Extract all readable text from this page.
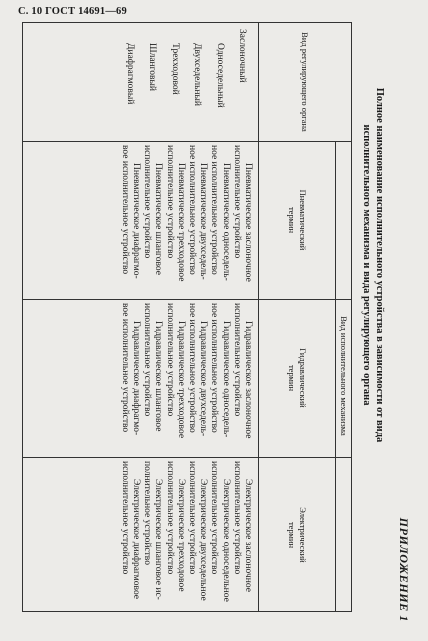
С. 10 ГОСТ 14691—69
ПРИЛОЖЕНИЕ 1
Полное наименование исполнительного устройства в зависимости от вида
исполнительного механизма и вида регулирующего органа
Вид регулирующего органа
Вид исполнительного механизма
Пневматический термин
Гидравлический термин
Электрический термин
Заслоночный
Односедельный
Двухседельный
Трехходовой
Шланговый
Диафрагмовый
Пневматическое заслоночное
исполнительное устройство
Пневматическое односедель-
ное исполнительное устройство
Пневматическое двухседель-
ное исполнительное устройство
Пневматическое трехходовое
исполнительное устройство
Пневматическое шланговое
исполнительное устройство
Пневматическое диафрагмо-
вое исполнительное устройство
Гидравлическое заслоночное
исполнительное устройство
Гидравлическое односедель-
ное исполнительное устройство
Гидравлическое двухседель-
ное исполнительное устройство
Гидравлическое трехходовое
исполнительное устройство
Гидравлическое шланговое
исполнительное устройство
Гидравлическое диафрагмо-
вое исполнительное устройство
Электрическое заслоночное
исполнительное устройство
Электрическое односедельное
исполнительное устройство
Электрическое двухседельное
исполнительное устройство
Электрическое трехходовое
исполнительное устройство
Электрическое шланговое ис-
полнительное устройство
Электрическое диафрагмовое
исполнительное устройство
